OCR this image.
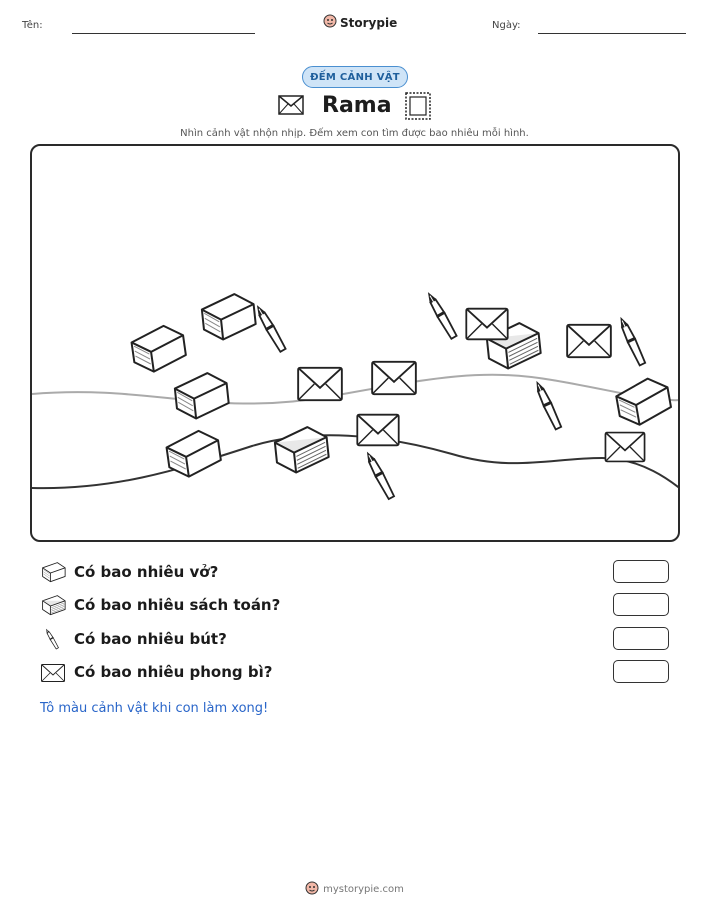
Tên:	Storypie	Ngày:
ĐẾM CẢNH VẬT
Rama
Nhìn cảnh vật nhộn nhịp. Đếm xem con tìm được bao nhiêu mỗi hình.
Có bao nhiêu vở?
Có bao nhiêu sách toán?
Có bao nhiêu bút?
Có bao nhiêu phong bì?
Tô màu cảnh vật khi con làm xong!
mystorypie.com
